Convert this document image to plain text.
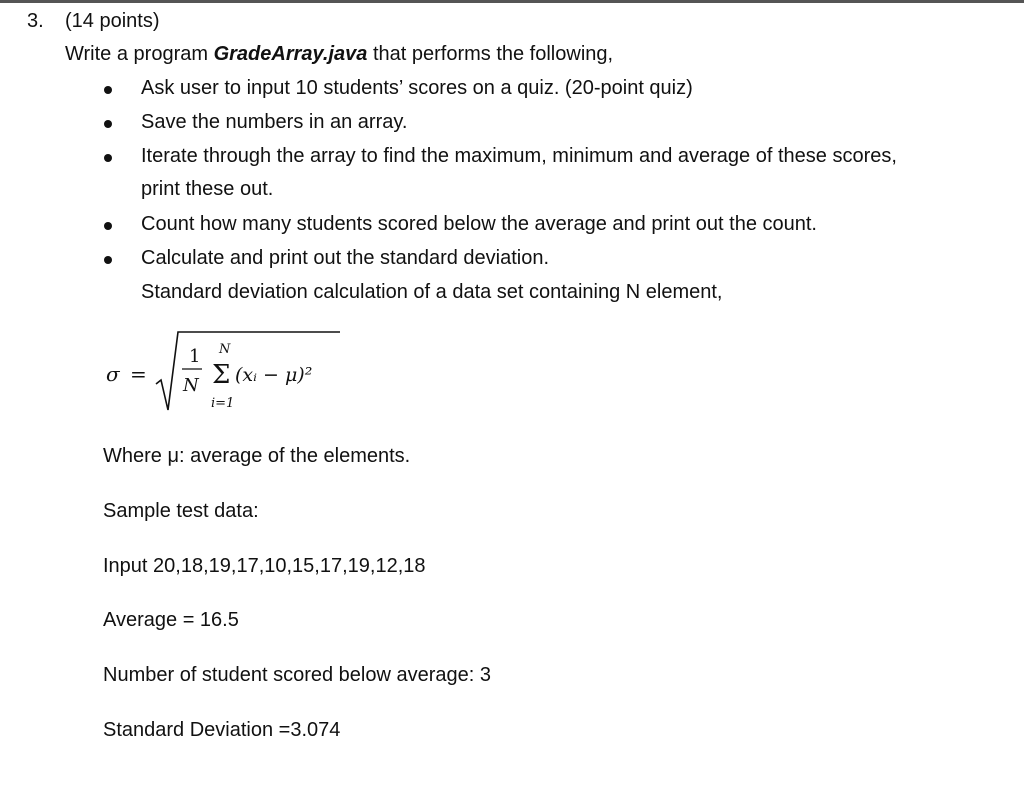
3. (14 points)
Write a program GradeArray.java that performs the following,
Ask user to input 10 students’ scores on a quiz. (20-point quiz)
Save the numbers in an array.
Iterate through the array to find the maximum, minimum and average of these scores,
print these out.
Count how many students scored below the average and print out the count.
Calculate and print out the standard deviation.
Standard deviation calculation of a data set containing N element,
σ =
1
N
N
Σ
i=1
(xᵢ − μ)²
Where μ: average of the elements.
Sample test data:
Input 20,18,19,17,10,15,17,19,12,18
Average = 16.5
Number of student scored below average: 3
Standard Deviation =3.074
